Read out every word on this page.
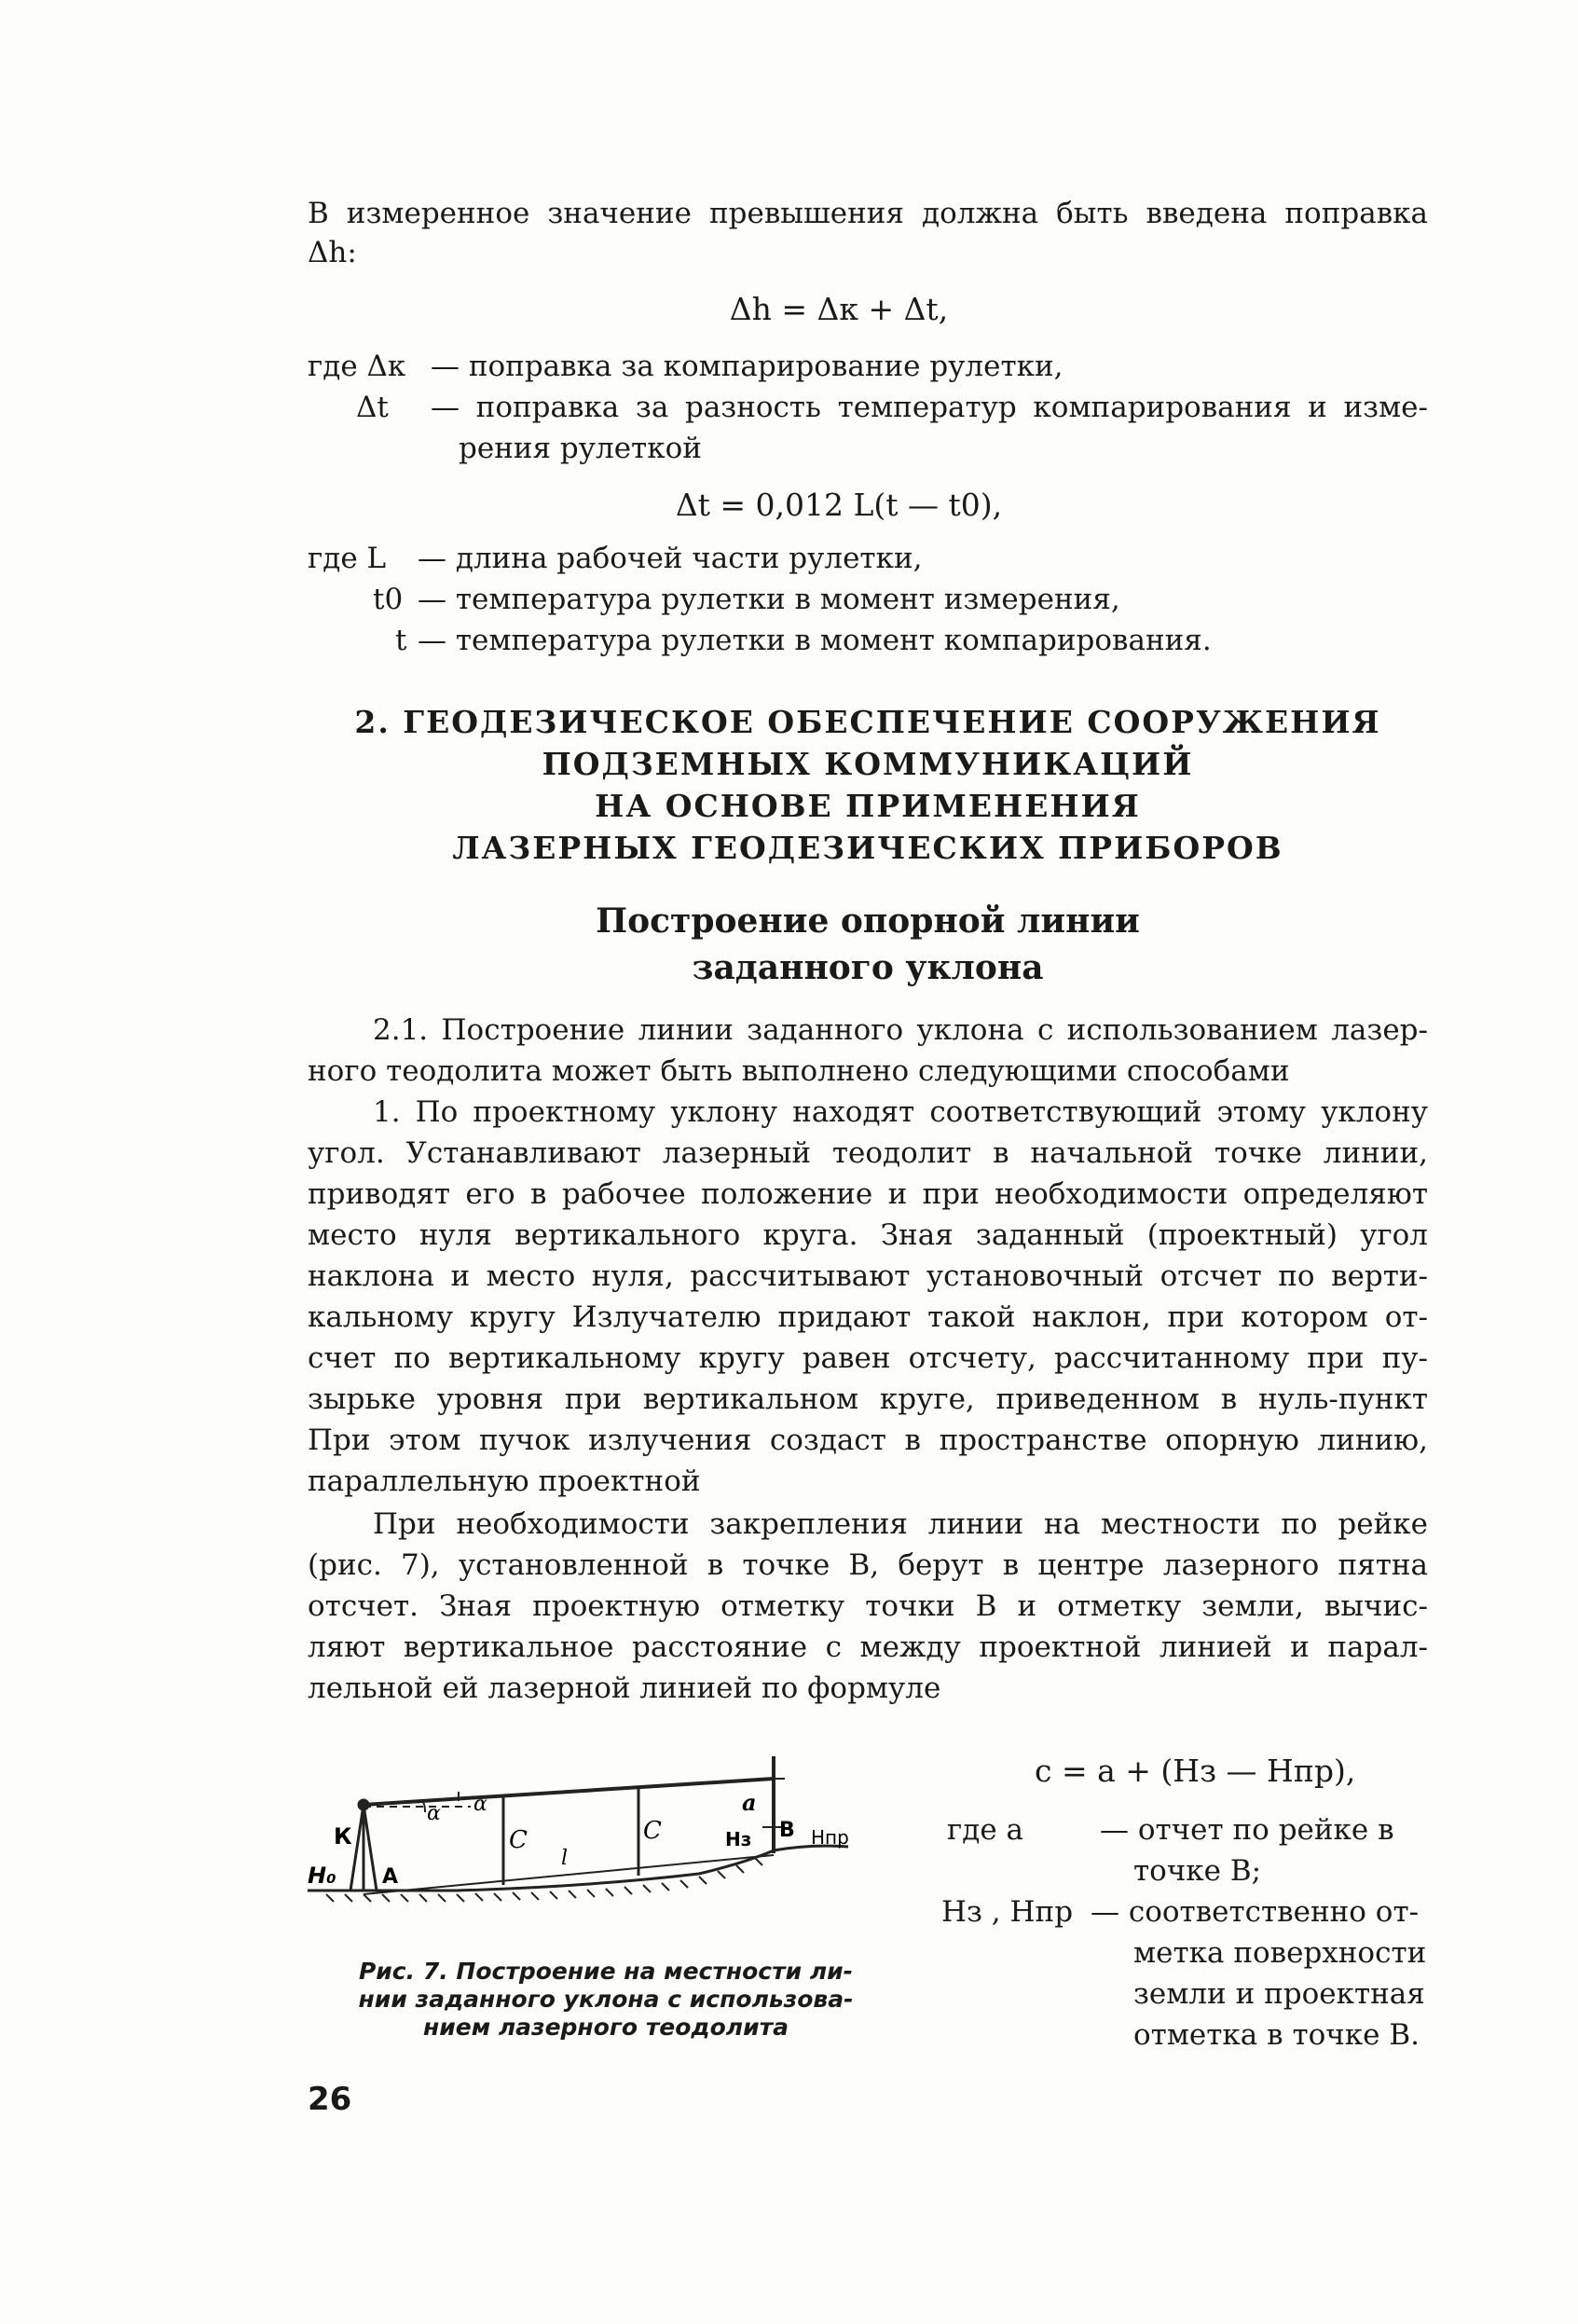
В измеренное значение превышения должна быть введена поправка
Δh:
Δh = Δк + Δt,
где Δк — поправка за компарирование рулетки,
Δt — поправка за разность температур компарирования и изме-
рения рулеткой
Δt = 0,012 L(t — t0),
где L — длина рабочей части рулетки,
t0 — температура рулетки в момент измерения,
t — температура рулетки в момент компарирования.
2. ГЕОДЕЗИЧЕСКОЕ ОБЕСПЕЧЕНИЕ СООРУЖЕНИЯ
ПОДЗЕМНЫХ КОММУНИКАЦИЙ
НА ОСНОВЕ ПРИМЕНЕНИЯ
ЛАЗЕРНЫХ ГЕОДЕЗИЧЕСКИХ ПРИБОРОВ
Построение опорной линии
заданного уклона
2.1. Построение линии заданного уклона с использованием лазер-
ного теодолита может быть выполнено следующими способами
1. По проектному уклону находят соответствующий этому уклону
угол. Устанавливают лазерный теодолит в начальной точке линии,
приводят его в рабочее положение и при необходимости определяют
место нуля вертикального круга. Зная заданный (проектный) угол
наклона и место нуля, рассчитывают установочный отсчет по верти-
кальному кругу Излучателю придают такой наклон, при котором от-
счет по вертикальному кругу равен отсчету, рассчитанному при пу-
зырьке уровня при вертикальном круге, приведенном в нуль-пункт
При этом пучок излучения создаст в пространстве опорную линию,
параллельную проектной
При необходимости закрепления линии на местности по рейке
(рис. 7), установленной в точке B, берут в центре лазерного пятна
отсчет. Зная проектную отметку точки B и отметку земли, вычис-
ляют вертикальное расстояние c между проектной линией и парал-
лельной ей лазерной линией по формуле
К
H₀ А
α α
C	C
l
a
Hз B Hпр
Рис. 7. Построение на местности ли-
нии заданного уклона с использова-
нием лазерного теодолита
c = a + (Hз — Hпр),
где a	— отчет по рейке в
точке B;
Hз , Hпр — соответственно от-
метка поверхности
земли и проектная
отметка в точке B.
26
